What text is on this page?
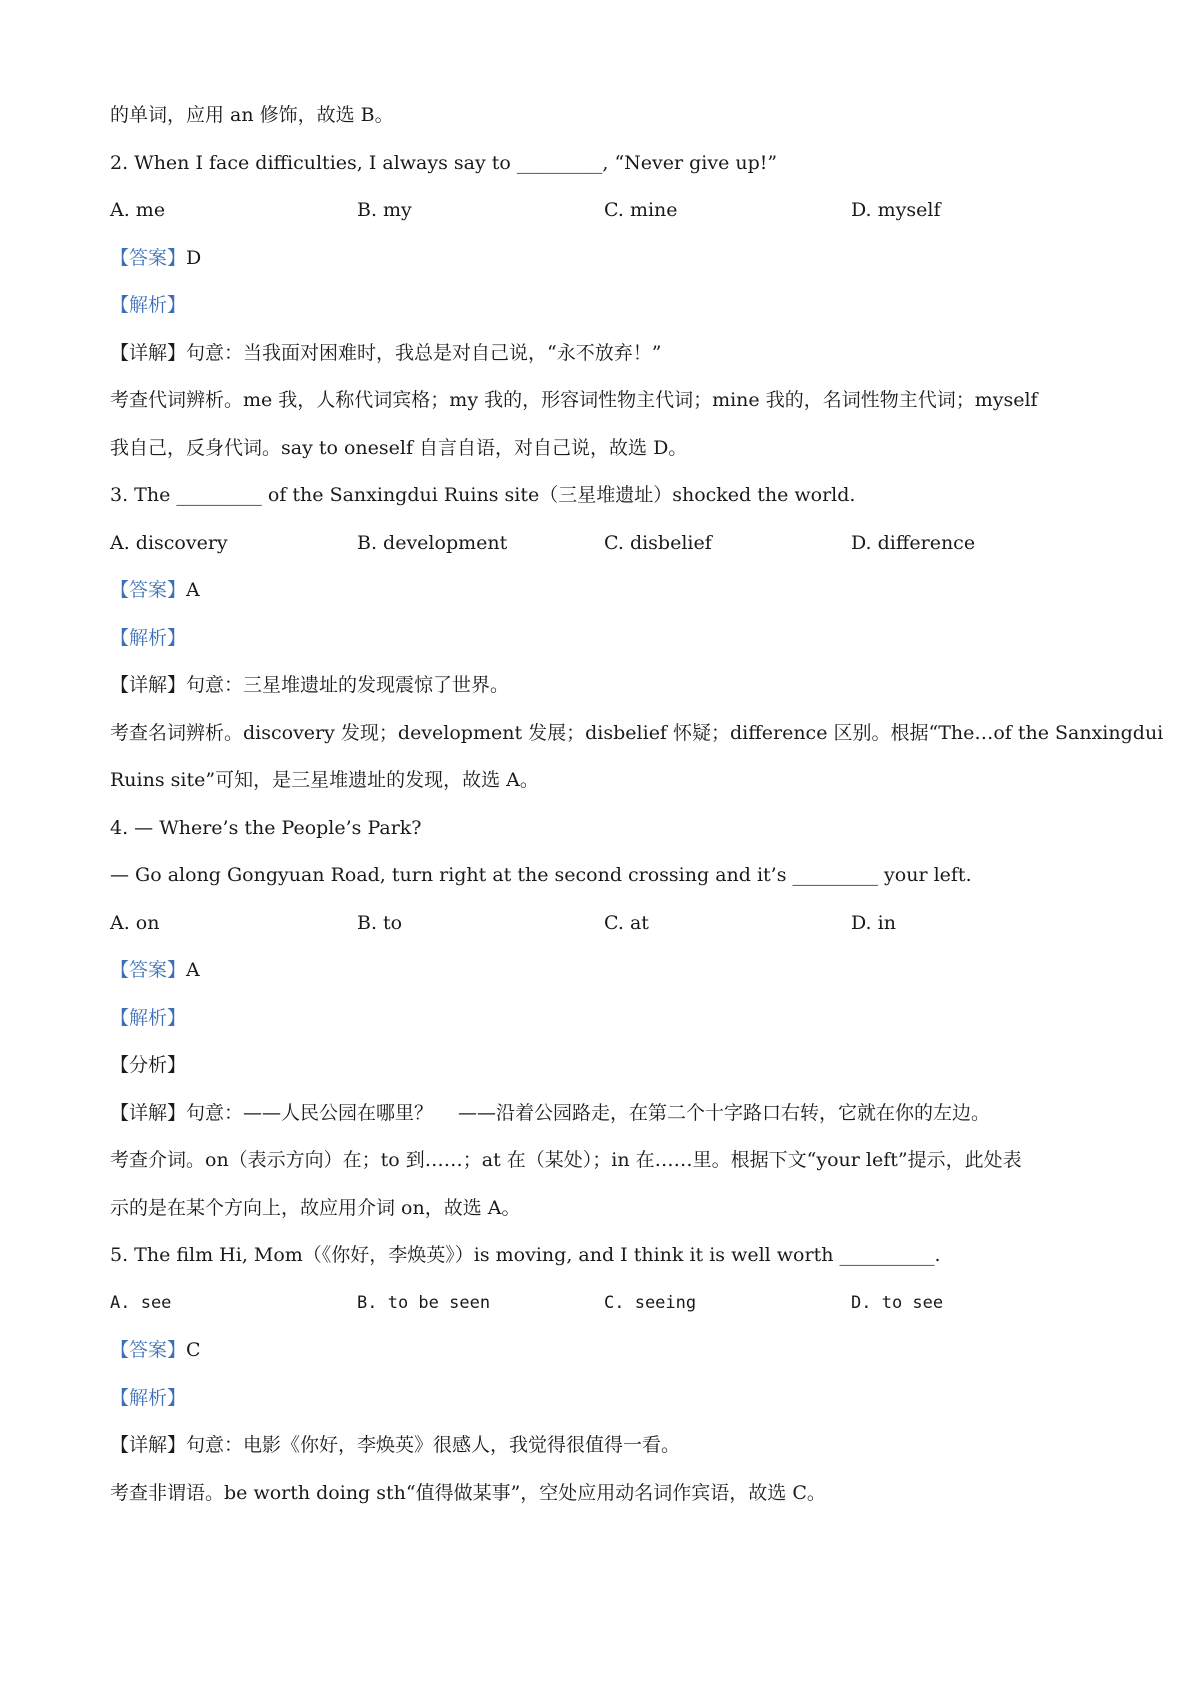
的单词，应用 an 修饰，故选 B。
2. When I face difficulties, I always say to _________, “Never give up!”
A. me	B. my	C. mine	D. myself
【答案】D
【解析】
【详解】句意：当我面对困难时，我总是对自己说，“永不放弃！”
考查代词辨析。me 我，人称代词宾格；my 我的，形容词性物主代词；mine 我的，名词性物主代词；myself
我自己，反身代词。say to oneself 自言自语，对自己说，故选 D。
3. The _________ of the Sanxingdui Ruins site（三星堆遗址）shocked the world.
A. discovery	B. development	C. disbelief	D. difference
【答案】A
【解析】
【详解】句意：三星堆遗址的发现震惊了世界。
考查名词辨析。discovery 发现；development 发展；disbelief 怀疑；difference 区别。根据“The…of the Sanxingdui
Ruins site”可知，是三星堆遗址的发现，故选 A。
4. — Where’s the People’s Park?
— Go along Gongyuan Road, turn right at the second crossing and it’s _________ your left.
A. on	B. to	C. at	D. in
【答案】A
【解析】
【分析】
【详解】句意：——人民公园在哪里？　 ——沿着公园路走，在第二个十字路口右转，它就在你的左边。
考查介词。on（表示方向）在；to 到……；at 在（某处）；in 在……里。根据下文“your left”提示，此处表
示的是在某个方向上，故应用介词 on，故选 A。
5. The film Hi, Mom（《你好，李焕英》）is moving, and I think it is well worth __________.
A. see	B. to be seen	C. seeing	D. to see
【答案】C
【解析】
【详解】句意：电影《你好，李焕英》很感人，我觉得很值得一看。
考查非谓语。be worth doing sth“值得做某事”，空处应用动名词作宾语，故选 C。
